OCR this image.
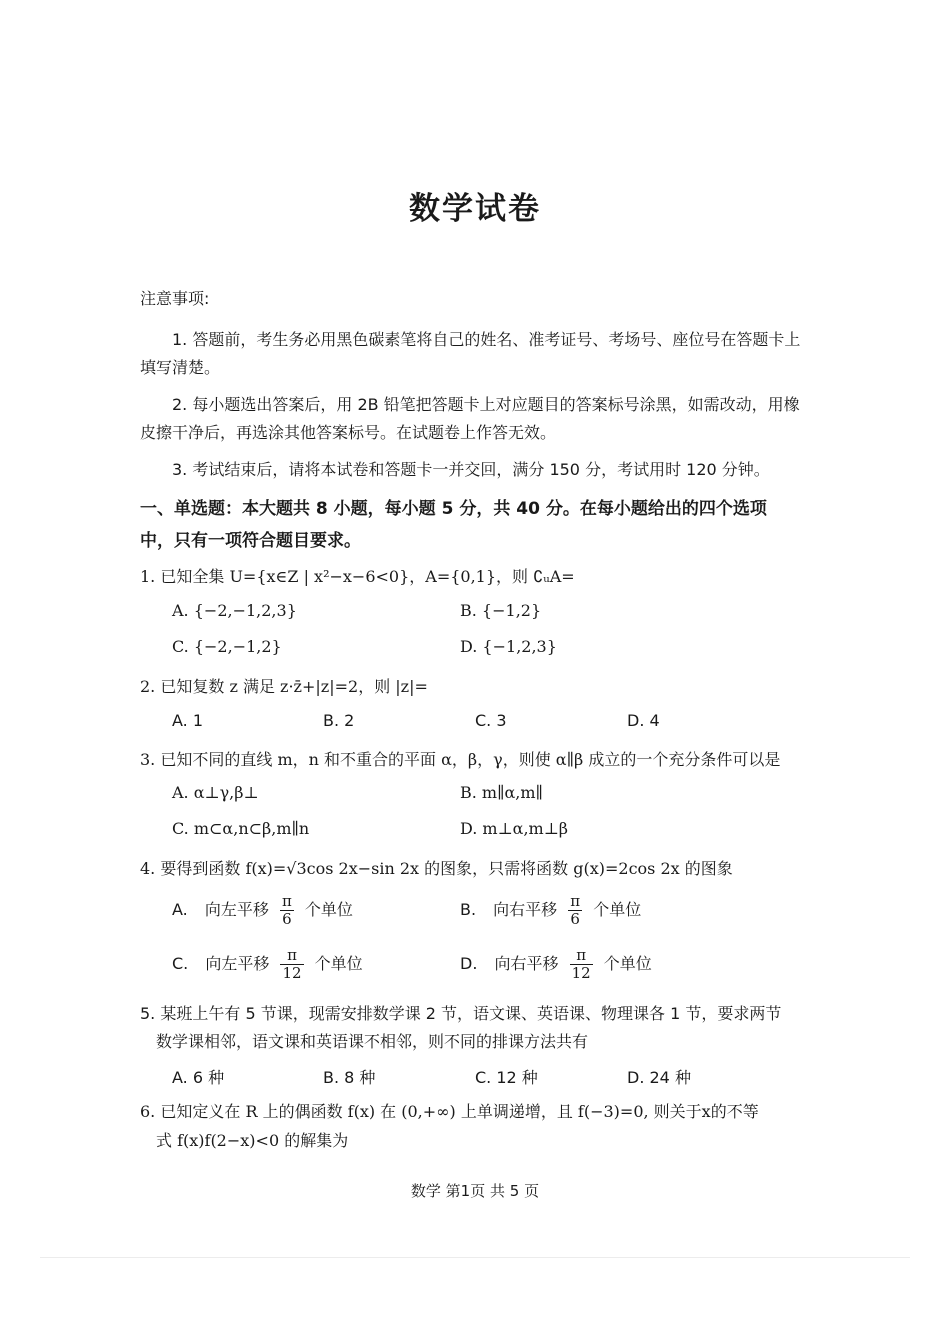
数学试卷
注意事项:
1. 答题前，考生务必用黑色碳素笔将自己的姓名、准考证号、考场号、座位号在答题卡上
填写清楚。
2. 每小题选出答案后，用 2B 铅笔把答题卡上对应题目的答案标号涂黑，如需改动，用橡
皮擦干净后，再选涂其他答案标号。在试题卷上作答无效。
3. 考试结束后，请将本试卷和答题卡一并交回，满分 150 分，考试用时 120 分钟。
一、单选题：本大题共 8 小题，每小题 5 分，共 40 分。在每小题给出的四个选项
中，只有一项符合题目要求。
1. 已知全集 U={x∈Z | x²−x−6<0}，A={0,1}，则 ∁ᵤA=
A. {−2,−1,2,3}	B. {−1,2}
C. {−2,−1,2}	D. {−1,2,3}
2. 已知复数 z 满足 z·z̄+|z|=2，则 |z|=
A. 1	B. 2	C. 3	D. 4
3. 已知不同的直线 m，n 和不重合的平面 α，β，γ，则使 α∥β 成立的一个充分条件可以是
A. α⊥γ,β⊥	B. m∥α,m∥
C. m⊂α,n⊂β,m∥n	D. m⊥α,m⊥β
4. 要得到函数 f(x)=√3cos 2x−sin 2x 的图象，只需将函数 g(x)=2cos 2x 的图象
A. 向左平移 $\frac{\pi}{6}$ 个单位	B. 向右平移 $\frac{\pi}{6}$ 个单位
C. 向左平移 $\frac{\pi}{12}$ 个单位	D. 向右平移 $\frac{\pi}{12}$ 个单位
5. 某班上午有 5 节课，现需安排数学课 2 节，语文课、英语课、物理课各 1 节，要求两节
数学课相邻，语文课和英语课不相邻，则不同的排课方法共有
A. 6 种	B. 8 种	C. 12 种	D. 24 种
6. 已知定义在 R 上的偶函数 f(x) 在 (0,+∞) 上单调递增，且 f(−3)=0, 则关于x的不等
式 f(x)f(2−x)<0 的解集为
数学 第1页 共 5 页
